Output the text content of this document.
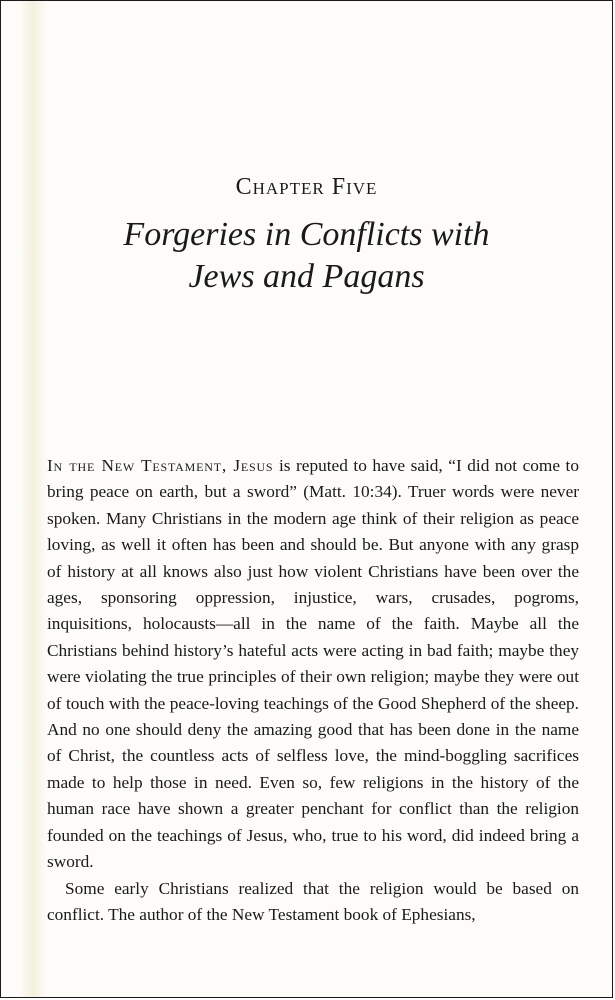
Chapter Five
Forgeries in Conflicts with
Jews and Pagans

In the New Testament, Jesus is reputed to have said, “I did not come to bring peace on earth, but a sword” (Matt. 10:34). Truer words were never spoken. Many Christians in the modern age think of their religion as peace loving, as well it often has been and should be. But anyone with any grasp of history at all knows also just how violent Christians have been over the ages, sponsoring oppression, injustice, wars, crusades, pogroms, inquisitions, holocausts—all in the name of the faith. Maybe all the Christians behind history’s hateful acts were acting in bad faith; maybe they were violating the true principles of their own religion; maybe they were out of touch with the peace-loving teachings of the Good Shepherd of the sheep. And no one should deny the amazing good that has been done in the name of Christ, the countless acts of selfless love, the mind-boggling sacrifices made to help those in need. Even so, few religions in the history of the human race have shown a greater penchant for conflict than the religion founded on the teachings of Jesus, who, true to his word, did indeed bring a sword.

Some early Christians realized that the religion would be based on conflict. The author of the New Testament book of Ephesians,
